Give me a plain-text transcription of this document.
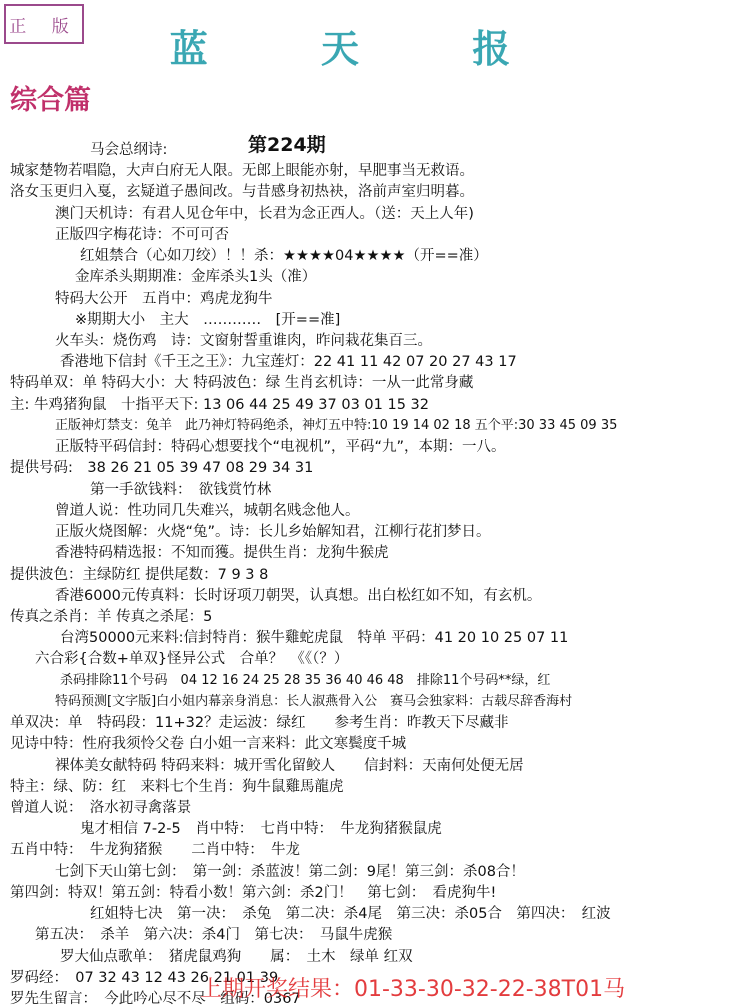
正 版	蓝 天 报
综合篇
第224期
马会总纲诗:
城家楚物若唱隐，大声白府无人限。无郎上眼能亦射，早肥事当无救语。
洛女玉更归入戛，玄疑道子愚间改。与昔感身初热袂，洛前声室归明暮。
澳门天机诗：有君人见仓年中，长君为念正西人。（送：天上人年)
正版四字梅花诗：不可可否
红姐禁合（心如刀绞）！！杀：★★★★04★★★★（开==准）
金库杀头期期准：金库杀头1头（准）
特码大公开　五肖中：鸡虎龙狗牛
※期期大小　主大　…………　[开==准]
火车头：烧伤鸡　诗：文窗射誓重谁肉，昨问栽花集百三。
香港地下信封《千王之王》：九宝莲灯：22 41 11 42 07 20 27 43 17
特码单双：单 特码大小：大 特码波色：绿 生肖玄机诗：一从一此常身藏
主: 牛鸡猪狗鼠　十指平天下: 13 06 44 25 49 37 03 01 15 32
正版神灯禁支：兔羊　此乃神灯特码绝杀，神灯五中特:10 19 14 02 18 五个平:30 33 45 09 35
正版特平码信封：特码心想要找个“电视机”，平码“九”，本期：一八。
提供号码:　38 26 21 05 39 47 08 29 34 31
第一手欲钱料：　欲钱赏竹林
曾道人说：性功同几失难兴，城朝名贱念他人。
正版火烧图解：火烧“兔”。诗：长儿乡始解知君，江柳行花扪梦日。
香港特码精选报：不知而獲。提供生肖：龙狗牛猴虎
提供波色：主绿防红 提供尾数：7 9 3 8
香港6000元传真料：长时讶项刀朝哭，认真想。出白松红如不知，有玄机。
传真之杀肖：羊 传真之杀尾：5
台湾50000元来料:信封特肖：猴牛雞蛇虎鼠　特单 平码：41 20 10 25 07 11
六合彩{合数+单双}怪异公式　合单？　《《（？）
杀码排除11个号码　04 12 16 24 25 28 35 36 40 46 48　排除11个号码**绿，红
特码预测[文字版]白小姐内幕亲身消息：长人淑燕骨入公　赛马会独家料：古载尽辞香海村
单双决：单　特码段：11+32？走运波：绿红　　参考生肖：昨教天下尽藏非
见诗中特：性府我须怜父卷 白小姐一言来料：此文寒鬓度千城
裸体美女献特码 特码来料：城开雪化留鲛人　　信封料：天南何处便无居
特主：绿、防：红　来料七个生肖：狗牛鼠雞馬龍虎
曾道人说：　洛水初寻禽落景
鬼才相信 7-2-5　肖中特：　七肖中特：　牛龙狗猪猴鼠虎
五肖中特：　牛龙狗猪猴　　二肖中特：　牛龙
七剑下天山第七剑：　第一剑：杀蓝波！第二剑：9尾！第三剑：杀08合！
第四剑：特双！第五剑：特看小数！第六剑：杀2门！　第七剑：　看虎狗牛!
红姐特七决　第一决：　杀兔　第二决：杀4尾　第三决：杀05合　第四决：　红波
第五决：　杀羊　第六决：杀4门　第七决：　马鼠牛虎猴
罗大仙点歌单：　猪虎鼠鸡狗　　属：　土木　绿单 红双
罗码经：　07 32 43 12 43 26 21 01 39
罗先生留言：　今此吟心尽不尽　组码：0367
上期开奖结果：01-33-30-32-22-38T01马
